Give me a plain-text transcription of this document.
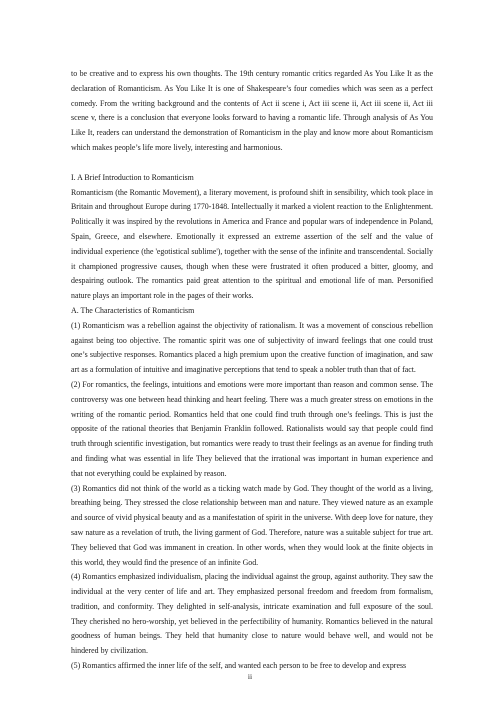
to be creative and to express his own thoughts. The 19th century romantic critics regarded As You Like It as the declaration of Romanticism. As You Like It is one of Shakespeare’s four comedies which was seen as a perfect comedy. From the writing background and the contents of Act ii scene i, Act iii scene ii, Act iii scene ii, Act iii scene v, there is a conclusion that everyone looks forward to having a romantic life. Through analysis of As You Like It, readers can understand the demonstration of Romanticism in the play and know more about Romanticism which makes people’s life more lively, interesting and harmonious.

I. A Brief Introduction to Romanticism

Romanticism (the Romantic Movement), a literary movement, is profound shift in sensibility, which took place in Britain and throughout Europe during 1770-1848. Intellectually it marked a violent reaction to the Enlightenment. Politically it was inspired by the revolutions in America and France and popular wars of independence in Poland, Spain, Greece, and elsewhere. Emotionally it expressed an extreme assertion of the self and the value of individual experience (the 'egotistical sublime'), together with the sense of the infinite and transcendental. Socially it championed progressive causes, though when these were frustrated it often produced a bitter, gloomy, and despairing outlook. The romantics paid great attention to the spiritual and emotional life of man. Personified nature plays an important role in the pages of their works.

A. The Characteristics of Romanticism

(1) Romanticism was a rebellion against the objectivity of rationalism. It was a movement of conscious rebellion against being too objective. The romantic spirit was one of subjectivity of inward feelings that one could trust one’s subjective responses. Romantics placed a high premium upon the creative function of imagination, and saw art as a formulation of intuitive and imaginative perceptions that tend to speak a nobler truth than that of fact.

(2) For romantics, the feelings, intuitions and emotions were more important than reason and common sense. The controversy was one between head thinking and heart feeling. There was a much greater stress on emotions in the writing of the romantic period. Romantics held that one could find truth through one’s feelings. This is just the opposite of the rational theories that Benjamin Franklin followed. Rationalists would say that people could find truth through scientific investigation, but romantics were ready to trust their feelings as an avenue for finding truth and finding what was essential in life They believed that the irrational was important in human experience and that not everything could be explained by reason.

(3) Romantics did not think of the world as a ticking watch made by God. They thought of the world as a living, breathing being. They stressed the close relationship between man and nature. They viewed nature as an example and source of vivid physical beauty and as a manifestation of spirit in the universe. With deep love for nature, they saw nature as a revelation of truth, the living garment of God. Therefore, nature was a suitable subject for true art. They believed that God was immanent in creation. In other words, when they would look at the finite objects in this world, they would find the presence of an infinite God.

(4) Romantics emphasized individualism, placing the individual against the group, against authority. They saw the individual at the very center of life and art. They emphasized personal freedom and freedom from formalism, tradition, and conformity. They delighted in self-analysis, intricate examination and full exposure of the soul. They cherished no hero-worship, yet believed in the perfectibility of humanity. Romantics believed in the natural goodness of human beings. They held that humanity close to nature would behave well, and would not be hindered by civilization.

(5) Romantics affirmed the inner life of the self, and wanted each person to be free to develop and express

ii
